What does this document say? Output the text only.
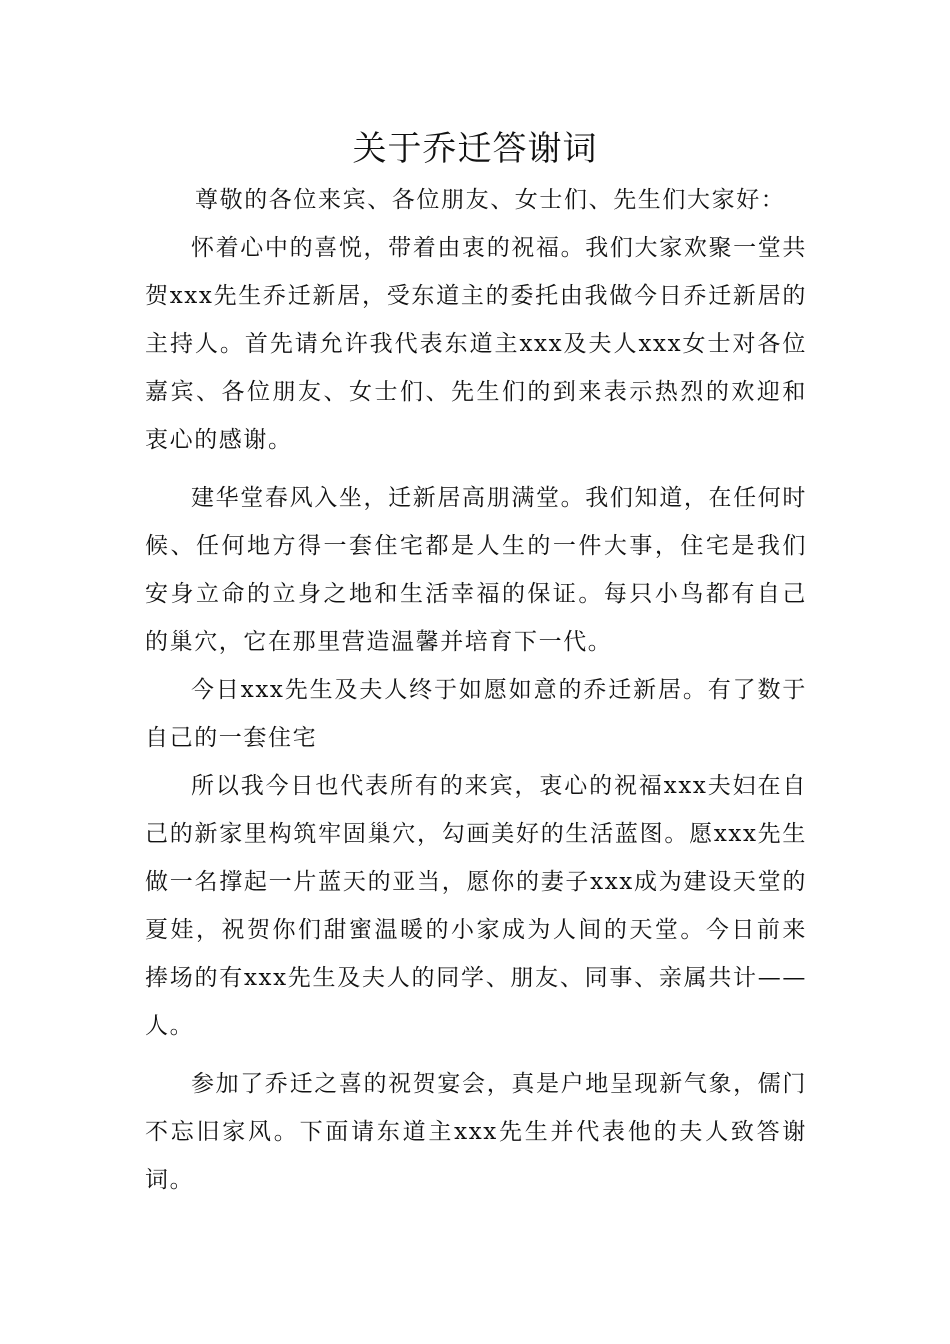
关于乔迁答谢词

尊敬的各位来宾、各位朋友、女士们、先生们大家好：

怀着心中的喜悦，带着由衷的祝福。我们大家欢聚一堂共贺xxx先生乔迁新居，受东道主的委托由我做今日乔迁新居的主持人。首先请允许我代表东道主xxx及夫人xxx女士对各位嘉宾、各位朋友、女士们、先生们的到来表示热烈的欢迎和衷心的感谢。

建华堂春风入坐，迁新居高朋满堂。我们知道，在任何时候、任何地方得一套住宅都是人生的一件大事，住宅是我们安身立命的立身之地和生活幸福的保证。每只小鸟都有自己的巢穴，它在那里营造温馨并培育下一代。

今日xxx先生及夫人终于如愿如意的乔迁新居。有了数于自己的一套住宅

所以我今日也代表所有的来宾，衷心的祝福xxx夫妇在自己的新家里构筑牢固巢穴，勾画美好的生活蓝图。愿xxx先生做一名撑起一片蓝天的亚当，愿你的妻子xxx成为建设天堂的夏娃，祝贺你们甜蜜温暖的小家成为人间的天堂。今日前来捧场的有xxx先生及夫人的同学、朋友、同事、亲属共计——人。

参加了乔迁之喜的祝贺宴会，真是户地呈现新气象，儒门不忘旧家风。下面请东道主xxx先生并代表他的夫人致答谢词。
